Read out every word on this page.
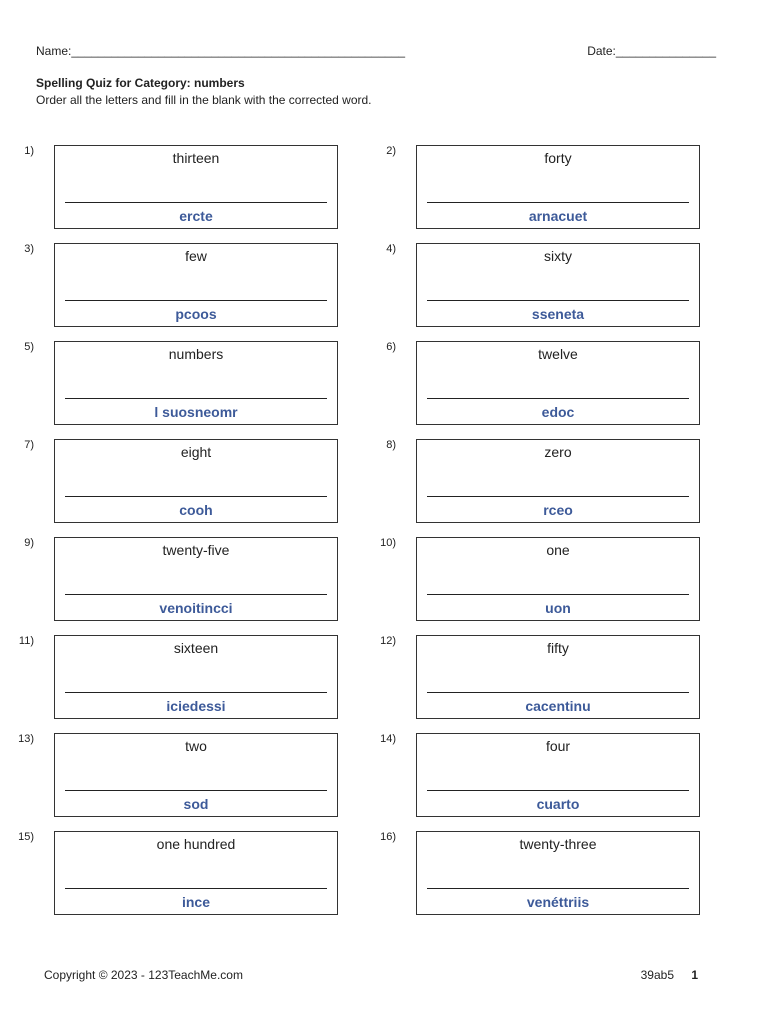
Name:__________________________________________________	Date:_______________
Spelling Quiz for Category: numbers
Order all the letters and fill in the blank with the corrected word.
1)	thirteen
ercte
2)	forty
arnacuet
3)	few
pcoos
4)	sixty
sseneta
5)	numbers
l suosneomr
6)	twelve
edoc
7)	eight
cooh
8)	zero
rceo
9)	twenty-five
venoitincci
10)	one
uon
11)	sixteen
iciedessi
12)	fifty
cacentinu
13)	two
sod
14)	four
cuarto
15)	one hundred
ince
16)	twenty-three
venéttriis
Copyright © 2023 - 123TeachMe.com	39ab5 1
